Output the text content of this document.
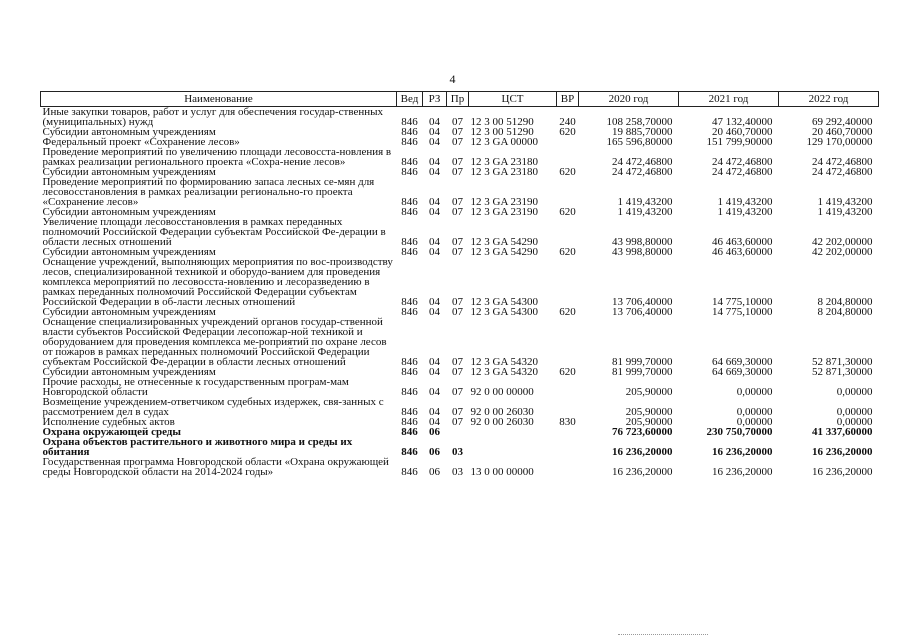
4
Наименование	Вед	РЗ	Пр	ЦСТ	ВР	2020 год	2021 год	2022 год
Иные закупки товаров, работ и услуг для обеспечения государ-ственных (муниципальных) нужд	846	04	07	12 3 00 51290	240	108 258,70000	47 132,40000	69 292,40000
Субсидии автономным учреждениям	846	04	07	12 3 00 51290	620	19 885,70000	20 460,70000	20 460,70000
Федеральный проект «Сохранение лесов»	846	04	07	12 3 GA 00000		165 596,80000	151 799,90000	129 170,00000
Проведение мероприятий по увеличению площади лесовосста-новления в рамках реализации регионального проекта «Сохра-нение лесов»	846	04	07	12 3 GA 23180		24 472,46800	24 472,46800	24 472,46800
Субсидии автономным учреждениям	846	04	07	12 3 GA 23180	620	24 472,46800	24 472,46800	24 472,46800
Проведение мероприятий по формированию запаса лесных се-мян для лесовосстановления в рамках реализации регионально-го проекта «Сохранение лесов»	846	04	07	12 3 GA 23190		1 419,43200	1 419,43200	1 419,43200
Субсидии автономным учреждениям	846	04	07	12 3 GA 23190	620	1 419,43200	1 419,43200	1 419,43200
Увеличение площади лесовосстановления в рамках переданных полномочий Российской Федерации субъектам Российской Фе-дерации в области лесных отношений	846	04	07	12 3 GA 54290		43 998,80000	46 463,60000	42 202,00000
Субсидии автономным учреждениям	846	04	07	12 3 GA 54290	620	43 998,80000	46 463,60000	42 202,00000
Оснащение учреждений, выполняющих мероприятия по вос-производству лесов, специализированной техникой и оборудо-ванием для проведения комплекса мероприятий по лесовосста-новлению и лесоразведению в рамках переданных полномочий Российской Федерации субъектам Российской Федерации в об-ласти лесных отношений	846	04	07	12 3 GA 54300		13 706,40000	14 775,10000	8 204,80000
Субсидии автономным учреждениям	846	04	07	12 3 GA 54300	620	13 706,40000	14 775,10000	8 204,80000
Оснащение специализированных учреждений органов государ-ственной власти субъектов Российской Федерации лесопожар-ной техникой и оборудованием для проведения комплекса ме-роприятий по охране лесов от пожаров в рамках переданных полномочий Российской Федерации субъектам Российской Фе-дерации в области лесных отношений	846	04	07	12 3 GA 54320		81 999,70000	64 669,30000	52 871,30000
Субсидии автономным учреждениям	846	04	07	12 3 GA 54320	620	81 999,70000	64 669,30000	52 871,30000
Прочие расходы, не отнесенные к государственным програм-мам Новгородской области	846	04	07	92 0 00 00000		205,90000	0,00000	0,00000
Возмещение учреждением-ответчиком судебных издержек, свя-занных с рассмотрением дел в судах	846	04	07	92 0 00 26030		205,90000	0,00000	0,00000
Исполнение судебных актов	846	04	07	92 0 00 26030	830	205,90000	0,00000	0,00000
Охрана окружающей среды	846	06				76 723,60000	230 750,70000	41 337,60000
Охрана объектов растительного и животного мира и среды их обитания	846	06	03			16 236,20000	16 236,20000	16 236,20000
Государственная программа Новгородской области «Охрана окружающей среды Новгородской области на 2014-2024 годы»	846	06	03	13 0 00 00000		16 236,20000	16 236,20000	16 236,20000
